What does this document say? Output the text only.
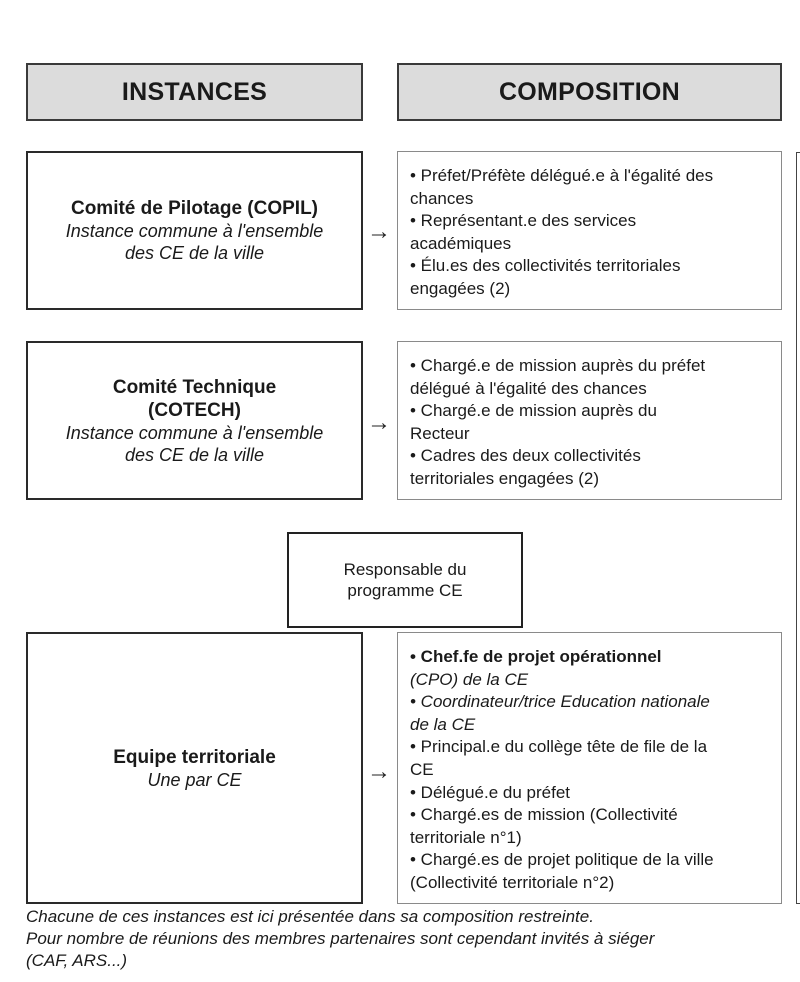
INSTANCES	COMPOSITION
Comité de Pilotage (COPIL)
Instance commune à l'ensemble
des CE de la ville
→
• Préfet/Préfète délégué.e à l'égalité des
chances
• Représentant.e des services
académiques
• Élu.es des collectivités territoriales
engagées (2)
Comité Technique
(COTECH)
Instance commune à l'ensemble
des CE de la ville
→
• Chargé.e de mission auprès du préfet
délégué à l'égalité des chances
• Chargé.e de mission auprès du
Recteur
• Cadres des deux collectivités
territoriales engagées (2)
Responsable du
programme CE
Equipe territoriale
Une par CE	→
• Chef.fe de projet opérationnel
(CPO) de la CE
• Coordinateur/trice Education nationale
de la CE
• Principal.e du collège tête de file de la
CE
• Délégué.e du préfet
• Chargé.es de mission (Collectivité
territoriale n°1)
• Chargé.es de projet politique de la ville
(Collectivité territoriale n°2)
Chacune de ces instances est ici présentée dans sa composition restreinte.
Pour nombre de réunions des membres partenaires sont cependant invités à siéger
(CAF, ARS...)
